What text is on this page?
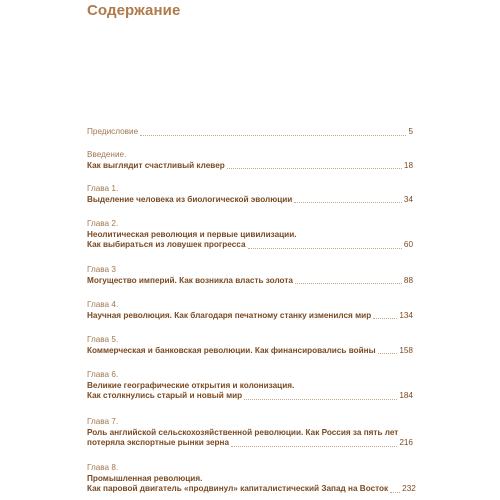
Содержание
Предисловие	5
Введение.
Как выглядит счастливый клевер	18
Глава 1.
Выделение человека из биологической эволюции	34
Глава 2.
Неолитическая революция и первые цивилизации.
Как выбираться из ловушек прогресса	60
Глава 3
Могущество империй. Как возникла власть золота	88
Глава 4.
Научная революция. Как благодаря печатному станку изменился мир	134
Глава 5.
Коммерческая и банковская революции. Как финансировались войны	158
Глава 6.
Великие географические открытия и колонизация.
Как столкнулись старый и новый мир	184
Глава 7.
Роль английской сельскохозяйственной революции. Как Россия за пять лет
потеряла экспортные рынки зерна	216
Глава 8.
Промышленная революция.
Как паровой двигатель «продвинул» капиталистический Запад на Восток 232
